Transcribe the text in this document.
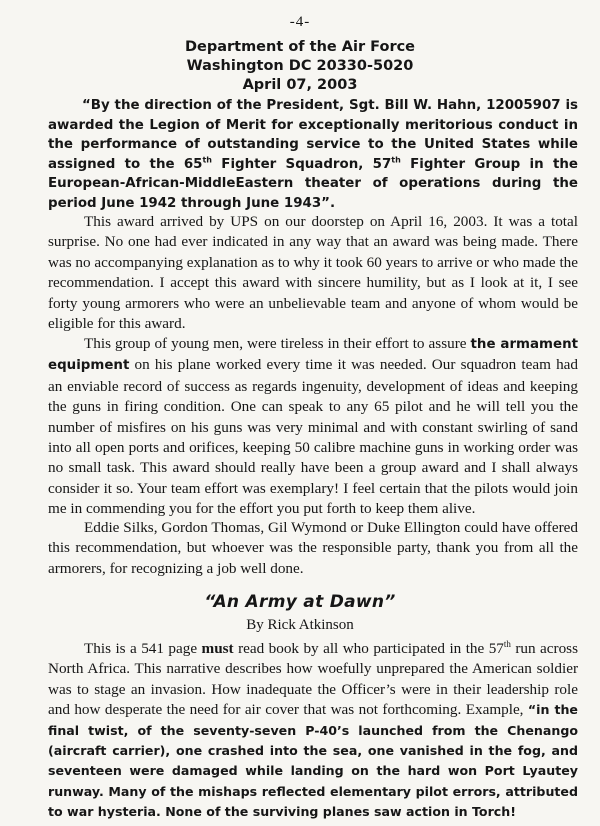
-4-
Department of the Air Force
Washington DC 20330-5020
April 07, 2003

“By the direction of the President, Sgt. Bill W. Hahn, 12005907 is awarded the Legion of Merit for exceptionally meritorious conduct in the performance of outstanding service to the United States while assigned to the 65th Fighter Squadron, 57th Fighter Group in the European-African-MiddleEastern theater of operations during the period June 1942 through June 1943”.

This award arrived by UPS on our doorstep on April 16, 2003. It was a total surprise. No one had ever indicated in any way that an award was being made. There was no accompanying explanation as to why it took 60 years to arrive or who made the recommendation. I accept this award with sincere humility, but as I look at it, I see forty young armorers who were an unbelievable team and anyone of whom would be eligible for this award.

This group of young men, were tireless in their effort to assure the armament equipment on his plane worked every time it was needed. Our squadron team had an enviable record of success as regards ingenuity, development of ideas and keeping the guns in firing condition. One can speak to any 65 pilot and he will tell you the number of misfires on his guns was very minimal and with constant swirling of sand into all open ports and orifices, keeping 50 calibre machine guns in working order was no small task. This award should really have been a group award and I shall always consider it so. Your team effort was exemplary! I feel certain that the pilots would join me in commending you for the effort you put forth to keep them alive.

Eddie Silks, Gordon Thomas, Gil Wymond or Duke Ellington could have offered this recommendation, but whoever was the responsible party, thank you from all the armorers, for recognizing a job well done.

“An Army at Dawn”
By Rick Atkinson

This is a 541 page must read book by all who participated in the 57th run across North Africa. This narrative describes how woefully unprepared the American soldier was to stage an invasion. How inadequate the Officer’s were in their leadership role and how desperate the need for air cover that was not forthcoming. Example, “in the final twist, of the seventy-seven P-40’s launched from the Chenango (aircraft carrier), one crashed into the sea, one vanished in the fog, and seventeen were damaged while landing on the hard won Port Lyautey runway. Many of the mishaps reflected elementary pilot errors, attributed to war hysteria. None of the surviving planes saw action in Torch!
